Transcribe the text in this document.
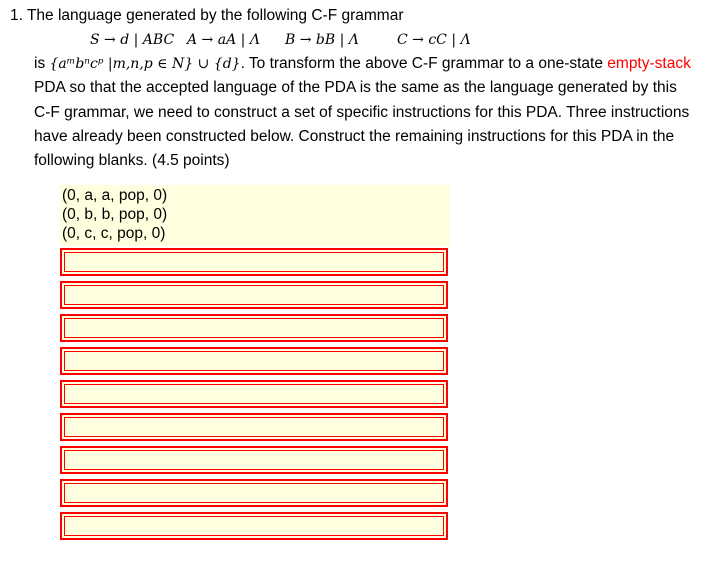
1. The language generated by the following C-F grammar
S → d | ABC A → aA | Λ B → bB | Λ	C → cC | Λ
is {aᵐbⁿcᵖ |m,n,p ∈ N} ∪ {d}. To transform the above C-F grammar to a one-state empty-stack PDA so that the accepted language of the PDA is the same as the language generated by this C-F grammar, we need to construct a set of specific instructions for this PDA. Three instructions have already been constructed below. Construct the remaining instructions for this PDA in the following blanks. (4.5 points)
(0, a, a, pop, 0)
(0, b, b, pop, 0)
(0, c, c, pop, 0)
